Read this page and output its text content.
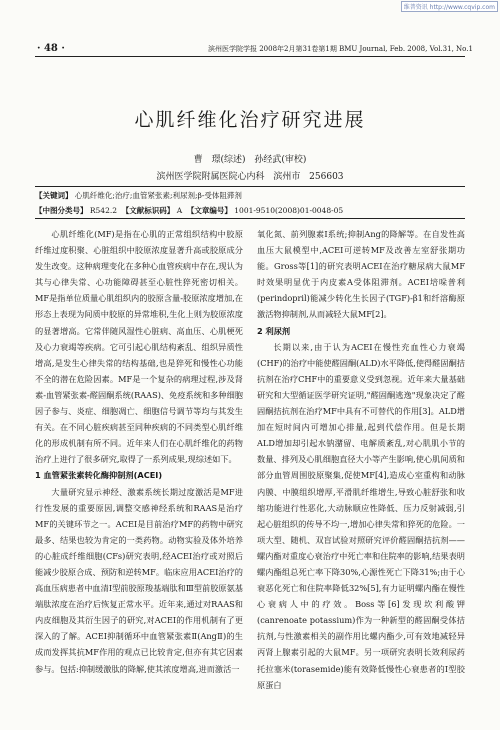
维普资讯 http://www.cqvip.com
· 48 ·	滨州医学院学报 2008年2月第31卷第1期 BMU Journal, Feb. 2008, Vol.31, No.1
心肌纤维化治疗研究进展
曹 璟(综述) 孙经武(审校)
滨州医学院附属医院心内科 滨州市 256603
【关键词】 心肌纤维化;治疗;血管紧张素;利尿剂;β-受体阻滞剂
【中图分类号】 R542.2 【文献标识码】 A 【文章编号】 1001-9510(2008)01-0048-05

心肌纤维化(MF)是指在心肌的正常组织结构中胶原纤维过度积聚、心脏组织中胶原浓度显著升高或胶原成分发生改变。这种病理变化在多种心血管疾病中存在,现认为其与心律失常、心功能障碍甚至心脏性猝死密切相关。MF是指单位质量心肌组织内的胶原含量-胶原浓度增加,在形态上表现为间质中胶原的异常堆积,生化上则为胶原浓度的显著增高。它常伴随风湿性心脏病、高血压、心肌梗死及心力衰竭等疾病。它可引起心肌结构紊乱、组织异质性增高,是发生心律失常的结构基础,也是猝死和慢性心功能不全的潜在危险因素。MF是一个复杂的病理过程,涉及肾素-血管紧张素-醛固酮系统(RAAS)、免疫系统和多种细胞因子参与、炎症、细胞凋亡、细胞信号调节等均与其发生有关。在不同心脏疾病甚至同种疾病的不同类型心肌纤维化的形成机制有所不同。近年来人们在心肌纤维化的药物治疗上进行了很多研究,取得了一系列成果,现综述如下。

1 血管紧张素转化酶抑制剂(ACEI)

大量研究显示神经、激素系统长期过度激活是MF进行性发展的重要原因,调整交感神经系统和RAAS是治疗MF的关键环节之一。ACEI是目前治疗MF的药物中研究最多、结果也较为肯定的一类药物。动物实验及体外培养的心脏成纤维细胞(CFs)研究表明,经ACEI治疗或对照后能减少胶原合成、预防和逆转MF。临床应用ACEI治疗的高血压病患者中血清Ⅰ型前胶原羧基端肽和Ⅲ型前胶原氨基端肽浓度在治疗后恢复正常水平。近年来,通过对RAAS和内皮细胞及其衍生因子的研究,对ACEI的作用机制有了更深入的了解。ACEI抑制循环中血管紧张素Ⅱ(AngⅡ)的生成而发挥其抗MF作用的观点已比较肯定,但亦有其它因素参与。包括:抑制缓激肽的降解,使其浓度增高,进而激活一

氧化氮、前列腺素Ⅰ系统;抑制Ang的降解等。在自发性高血压大鼠模型中,ACEI可逆转MF及改善左室舒张期功能。Gross等[1]的研究表明ACEI在治疗糖尿病大鼠MF时效果明显优于内皮素A受体阻滞剂。ACEI培哚普利(perindopril)能减少转化生长因子(TGF)-β1和纤溶酶原激活物抑制剂,从而减轻大鼠MF[2]。

2 利尿剂

长期以来,由于认为ACEI在慢性充血性心力衰竭(CHF)的治疗中能使醛固酮(ALD)水平降低,使得醛固酮拮抗剂在治疗CHF中的重要意义受到忽视。近年来大量基础研究和大型循证医学研究证明,"醛固酮逃逸"现象决定了醛固酮拮抗剂在治疗MF中具有不可替代的作用[3]。ALD增加在短时间内可增加心排量,起到代偿作用。但是长期ALD增加却引起水钠潴留、电解质紊乱,对心肌肌小节的数量、排列及心肌细胞直径大小等产生影响,使心肌间质和部分血管周围胶原聚集,促使MF[4],造成心室重构和动脉内膜、中膜组织增厚,平滑肌纤维增生,导致心脏舒张和收缩功能进行性恶化,大动脉顺应性降低、压力反射减弱,引起心脏组织的传导不均一,增加心律失常和猝死的危险。一项大型、随机、双盲试验对照研究评价醛固酮拮抗剂——螺内酯对重度心衰治疗中死亡率和住院率的影响,结果表明螺内酯组总死亡率下降30%,心源性死亡下降31%;由于心衰恶化死亡和住院率降低32%[5],有力证明螺内酯在慢性心衰病人中的疗效。Boss等[6]发现坎利酸钾(canrenoate potassium)作为一种新型的醛固酮受体拮抗剂,与性激素相关的副作用比螺内酯少,可有效地减轻异丙肾上腺素引起的大鼠MF。另一项研究表明长效利尿药托拉塞米(torasemide)能有效降低慢性心衰患者的Ⅰ型胶原蛋白
